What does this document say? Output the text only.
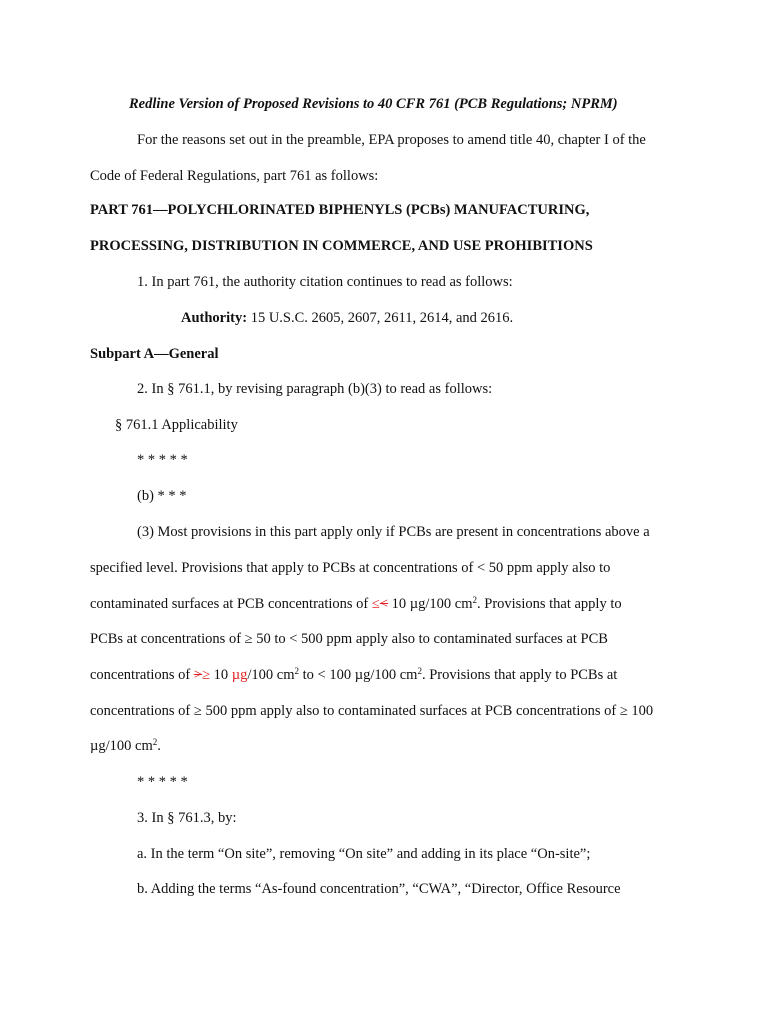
Redline Version of Proposed Revisions to 40 CFR 761 (PCB Regulations; NPRM)
For the reasons set out in the preamble, EPA proposes to amend title 40, chapter I of the
Code of Federal Regulations, part 761 as follows:
PART 761—POLYCHLORINATED BIPHENYLS (PCBs) MANUFACTURING,
PROCESSING, DISTRIBUTION IN COMMERCE, AND USE PROHIBITIONS
1. In part 761, the authority citation continues to read as follows:
Authority: 15 U.S.C. 2605, 2607, 2611, 2614, and 2616.
Subpart A—General
2. In § 761.1, by revising paragraph (b)(3) to read as follows:
§ 761.1 Applicability
* * * * *
(b) * * *
(3) Most provisions in this part apply only if PCBs are present in concentrations above a
specified level. Provisions that apply to PCBs at concentrations of < 50 ppm apply also to
contaminated surfaces at PCB concentrations of ≤< 10 µg/100 $cm^2$. Provisions that apply to
PCBs at concentrations of ≥ 50 to < 500 ppm apply also to contaminated surfaces at PCB
concentrations of >≥ 10 µg/100 $cm^2$ to < 100 µg/100 $cm^2$. Provisions that apply to PCBs at
concentrations of ≥ 500 ppm apply also to contaminated surfaces at PCB concentrations of ≥ 100
µg/100 $cm^2$.
* * * * *
3. In § 761.3, by:
a. In the term “On site”, removing “On site” and adding in its place “On-site”;
b. Adding the terms “As-found concentration”, “CWA”, “Director, Office Resource
